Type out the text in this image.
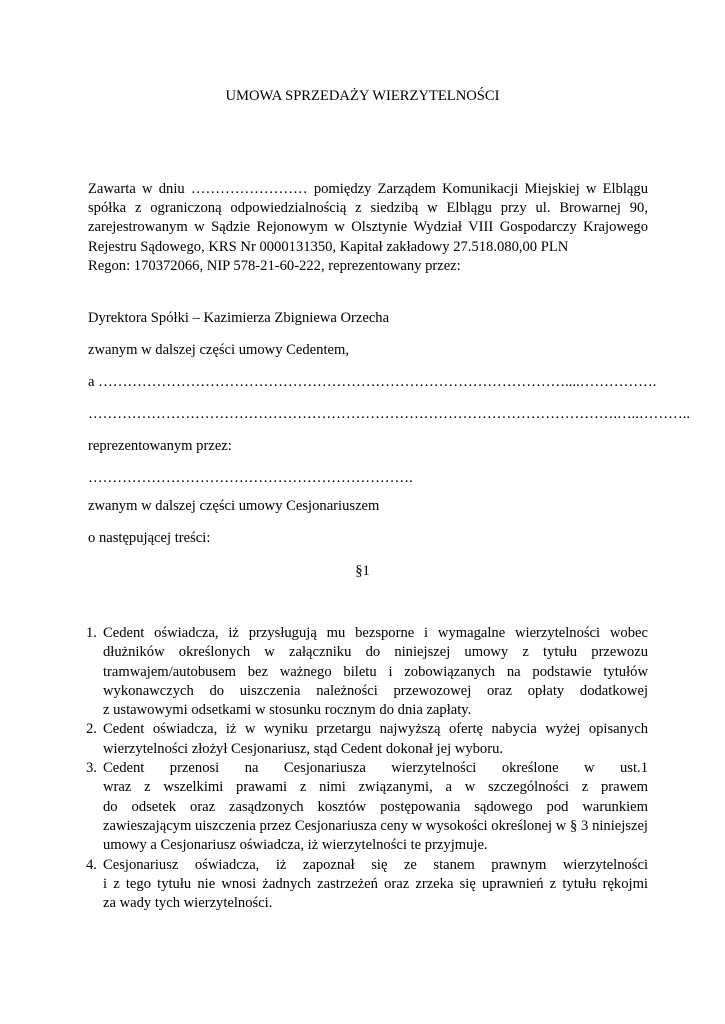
UMOWA SPRZEDAŻY WIERZYTELNOŚCI
Zawarta w dniu …………………… pomiędzy Zarządem Komunikacji Miejskiej w Elblągu
spółka z ograniczoną odpowiedzialnością z siedzibą w Elblągu przy ul. Browarnej 90,
zarejestrowanym w Sądzie Rejonowym w Olsztynie Wydział VIII Gospodarczy Krajowego
Rejestru Sądowego, KRS Nr 0000131350, Kapitał zakładowy 27.518.080,00 PLN
Regon: 170372066, NIP 578-21-60-222, reprezentowany przez:
Dyrektora Spółki – Kazimierza Zbigniewa Orzecha
zwanym w dalszej części umowy Cedentem,
a ……………………………………………………………………………………....…………….
……………………………………………………………………………………………….…..………..
reprezentowanym przez:
………………………………………………………….
zwanym w dalszej części umowy Cesjonariuszem
o następującej treści:
§1
1. Cedent oświadcza, iż przysługują mu bezsporne i wymagalne wierzytelności wobec
dłużników określonych w załączniku do niniejszej umowy z tytułu przewozu
tramwajem/autobusem bez ważnego biletu i zobowiązanych na podstawie tytułów
wykonawczych do uiszczenia należności przewozowej oraz opłaty dodatkowej
z ustawowymi odsetkami w stosunku rocznym do dnia zapłaty.
2. Cedent oświadcza, iż w wyniku przetargu najwyższą ofertę nabycia wyżej opisanych
wierzytelności złożył Cesjonariusz, stąd Cedent dokonał jej wyboru.
3. Cedent przenosi na Cesjonariusza wierzytelności określone w ust.1
wraz z wszelkimi prawami z nimi związanymi, a w szczególności z prawem
do odsetek oraz zasądzonych kosztów postępowania sądowego pod warunkiem
zawieszającym uiszczenia przez Cesjonariusza ceny w wysokości określonej w § 3 niniejszej
umowy a Cesjonariusz oświadcza, iż wierzytelności te przyjmuje.
4. Cesjonariusz oświadcza, iż zapoznał się ze stanem prawnym wierzytelności
i z tego tytułu nie wnosi żadnych zastrzeżeń oraz zrzeka się uprawnień z tytułu rękojmi
za wady tych wierzytelności.
